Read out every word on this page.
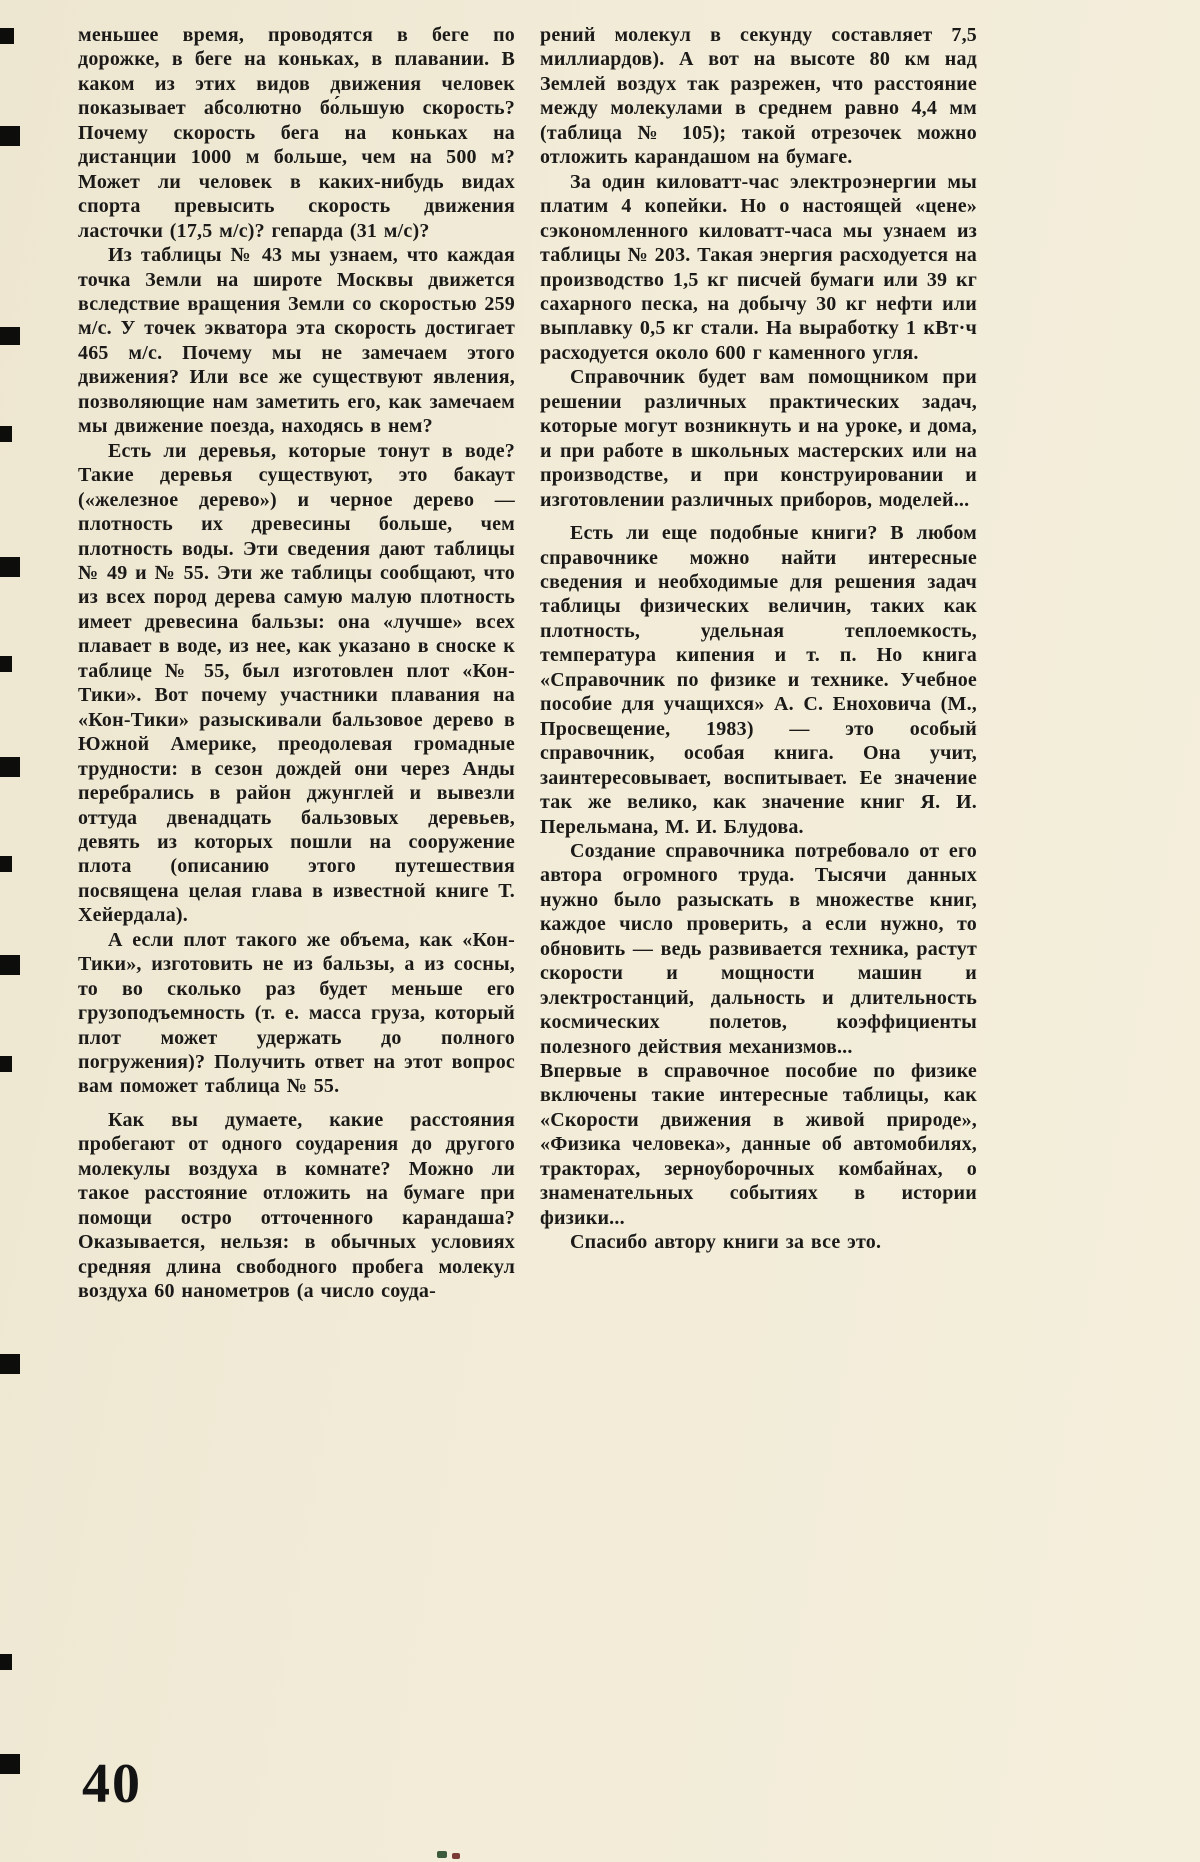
меньшее время, проводятся в беге по дорожке, в беге на коньках, в плавании. В каком из этих видов движения человек показывает абсолютно бо́льшую скорость? Почему скорость бега на коньках на дистанции 1000 м больше, чем на 500 м? Может ли человек в каких-нибудь видах спорта превысить скорость движения ласточки (17,5 м/с)? гепарда (31 м/с)?

Из таблицы № 43 мы узнаем, что каждая точка Земли на широте Москвы движется вследствие вращения Земли со скоростью 259 м/с. У точек экватора эта скорость достигает 465 м/с. Почему мы не замечаем этого движения? Или все же существуют явления, позволяющие нам заметить его, как замечаем мы движение поезда, находясь в нем?

Есть ли деревья, которые тонут в воде? Такие деревья существуют, это бакаут («железное дерево») и черное дерево — плотность их древесины больше, чем плотность воды. Эти сведения дают таблицы № 49 и № 55. Эти же таблицы сообщают, что из всех пород дерева самую малую плотность имеет древесина бальзы: она «лучше» всех плавает в воде, из нее, как указано в сноске к таблице № 55, был изготовлен плот «Кон-Тики». Вот почему участники плавания на «Кон-Тики» разыскивали бальзовое дерево в Южной Америке, преодолевая громадные трудности: в сезон дождей они через Анды перебрались в район джунглей и вывезли оттуда двенадцать бальзовых деревьев, девять из которых пошли на сооружение плота (описанию этого путешествия посвящена целая глава в известной книге Т. Хейердала).

А если плот такого же объема, как «Кон-Тики», изготовить не из бальзы, а из сосны, то во сколько раз будет меньше его грузоподъемность (т. е. масса груза, который плот может удержать до полного погружения)? Получить ответ на этот вопрос вам поможет таблица № 55.

Как вы думаете, какие расстояния пробегают от одного соударения до другого молекулы воздуха в комнате? Можно ли такое расстояние отложить на бумаге при помощи остро отточенного карандаша? Оказывается, нельзя: в обычных условиях средняя длина свободного пробега молекул воздуха 60 нанометров (а число соуда-

рений молекул в секунду составляет 7,5 миллиардов). А вот на высоте 80 км над Землей воздух так разрежен, что расстояние между молекулами в среднем равно 4,4 мм (таблица № 105); такой отрезочек можно отложить карандашом на бумаге.

За один киловатт-час электроэнергии мы платим 4 копейки. Но о настоящей «цене» сэкономленного киловатт-часа мы узнаем из таблицы № 203. Такая энергия расходуется на производство 1,5 кг писчей бумаги или 39 кг сахарного песка, на добычу 30 кг нефти или выплавку 0,5 кг стали. На выработку 1 кВт·ч расходуется около 600 г каменного угля.

Справочник будет вам помощником при решении различных практических задач, которые могут возникнуть и на уроке, и дома, и при работе в школьных мастерских или на производстве, и при конструировании и изготовлении различных приборов, моделей...

Есть ли еще подобные книги? В любом справочнике можно найти интересные сведения и необходимые для решения задач таблицы физических величин, таких как плотность, удельная теплоемкость, температура кипения и т. п. Но книга «Справочник по физике и технике. Учебное пособие для учащихся» А. С. Еноховича (М., Просвещение, 1983) — это особый справочник, особая книга. Она учит, заинтересовывает, воспитывает. Ее значение так же велико, как значение книг Я. И. Перельмана, М. И. Блудова.

Создание справочника потребовало от его автора огромного труда. Тысячи данных нужно было разыскать в множестве книг, каждое число проверить, а если нужно, то обновить — ведь развивается техника, растут скорости и мощности машин и электростанций, дальность и длительность космических полетов, коэффициенты полезного действия механизмов...

Впервые в справочное пособие по физике включены такие интересные таблицы, как «Скорости движения в живой природе», «Физика человека», данные об автомобилях, тракторах, зерноуборочных комбайнах, о знаменательных событиях в истории физики...

Спасибо автору книги за все это.

40
